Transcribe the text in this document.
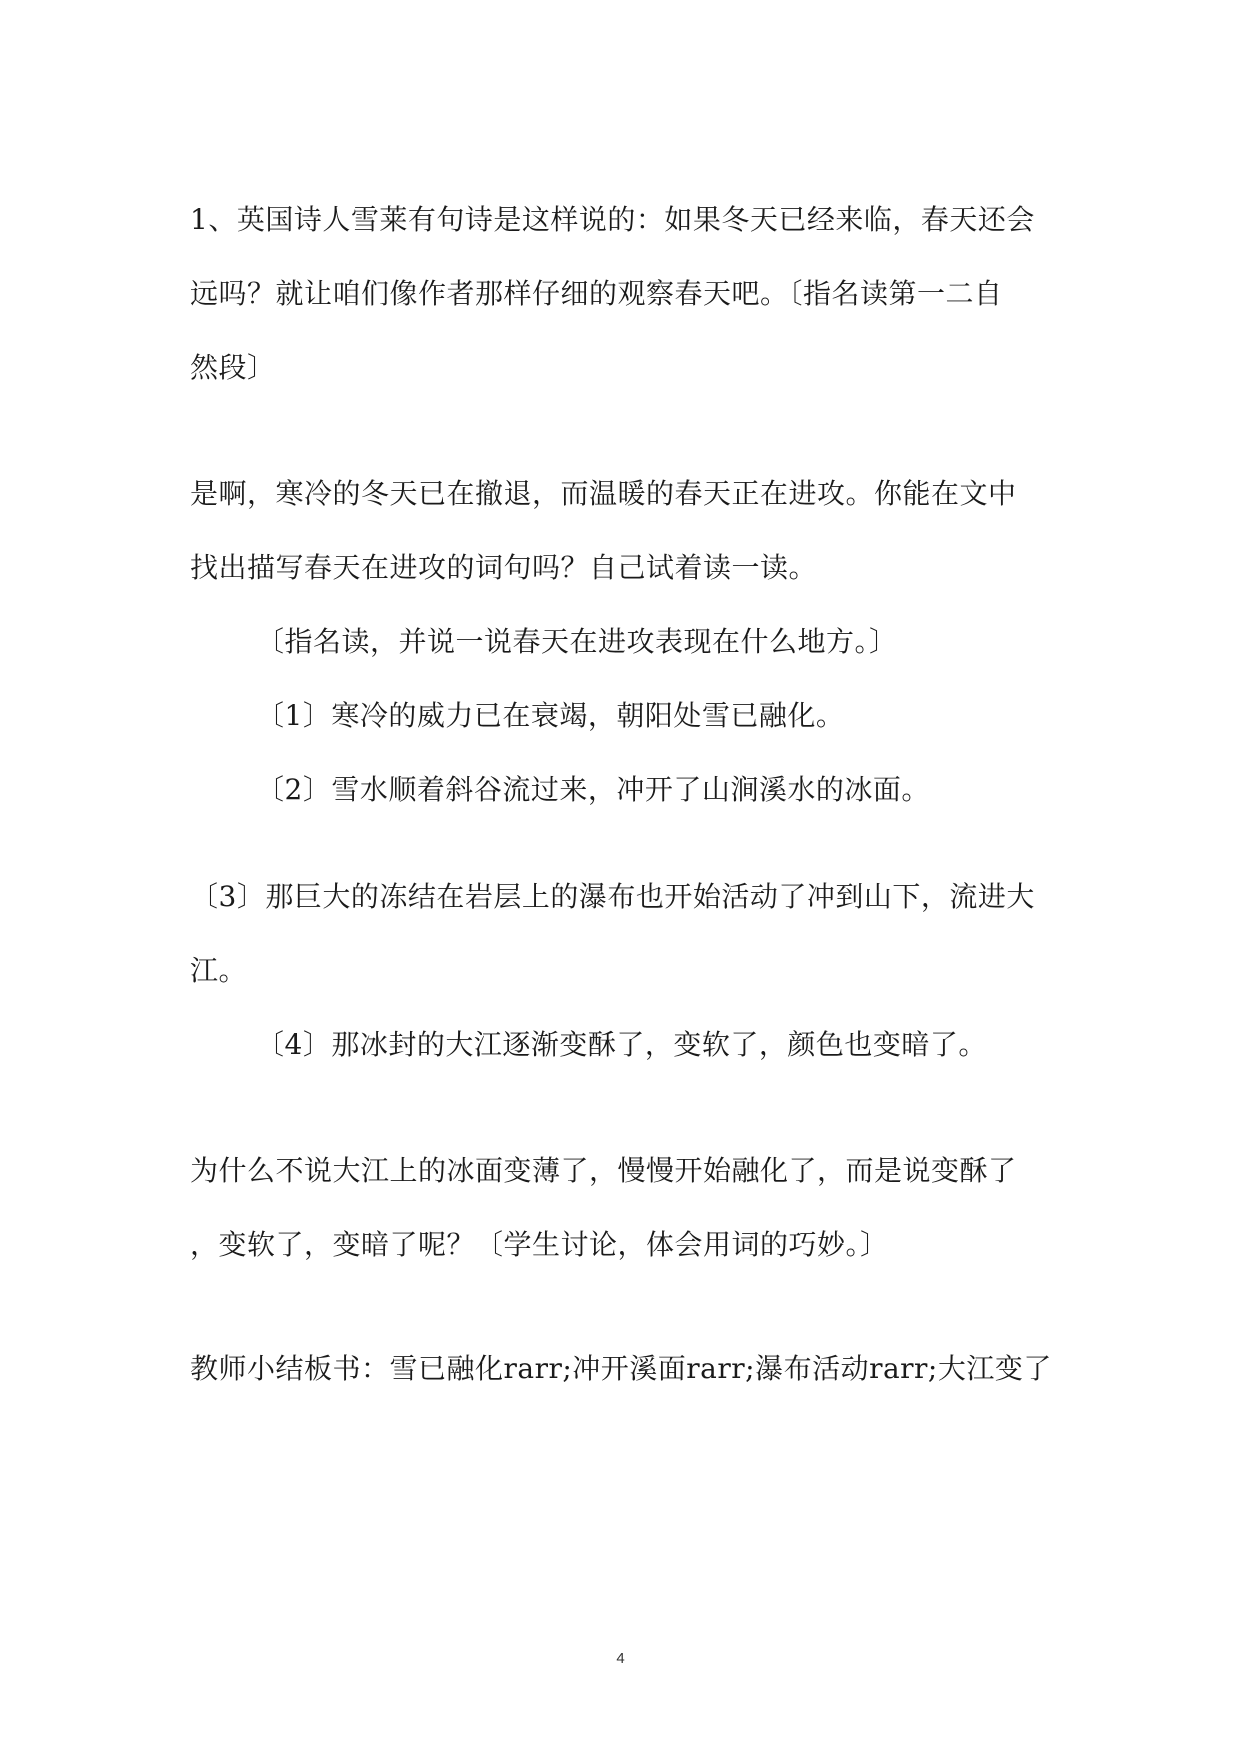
1、英国诗人雪莱有句诗是这样说的：如果冬天已经来临，春天还会
远吗？就让咱们像作者那样仔细的观察春天吧。〔指名读第一二自
然段〕
是啊，寒冷的冬天已在撤退，而温暖的春天正在进攻。你能在文中
找出描写春天在进攻的词句吗？自己试着读一读。
〔指名读，并说一说春天在进攻表现在什么地方。〕
〔1〕寒冷的威力已在衰竭，朝阳处雪已融化。
〔2〕雪水顺着斜谷流过来，冲开了山涧溪水的冰面。
〔3〕那巨大的冻结在岩层上的瀑布也开始活动了冲到山下，流进大
江。
〔4〕那冰封的大江逐渐变酥了，变软了，颜色也变暗了。
为什么不说大江上的冰面变薄了，慢慢开始融化了，而是说变酥了
，变软了，变暗了呢？〔学生讨论，体会用词的巧妙。〕
教师小结板书：雪已融化rarr;冲开溪面rarr;瀑布活动rarr;大江变了
4
